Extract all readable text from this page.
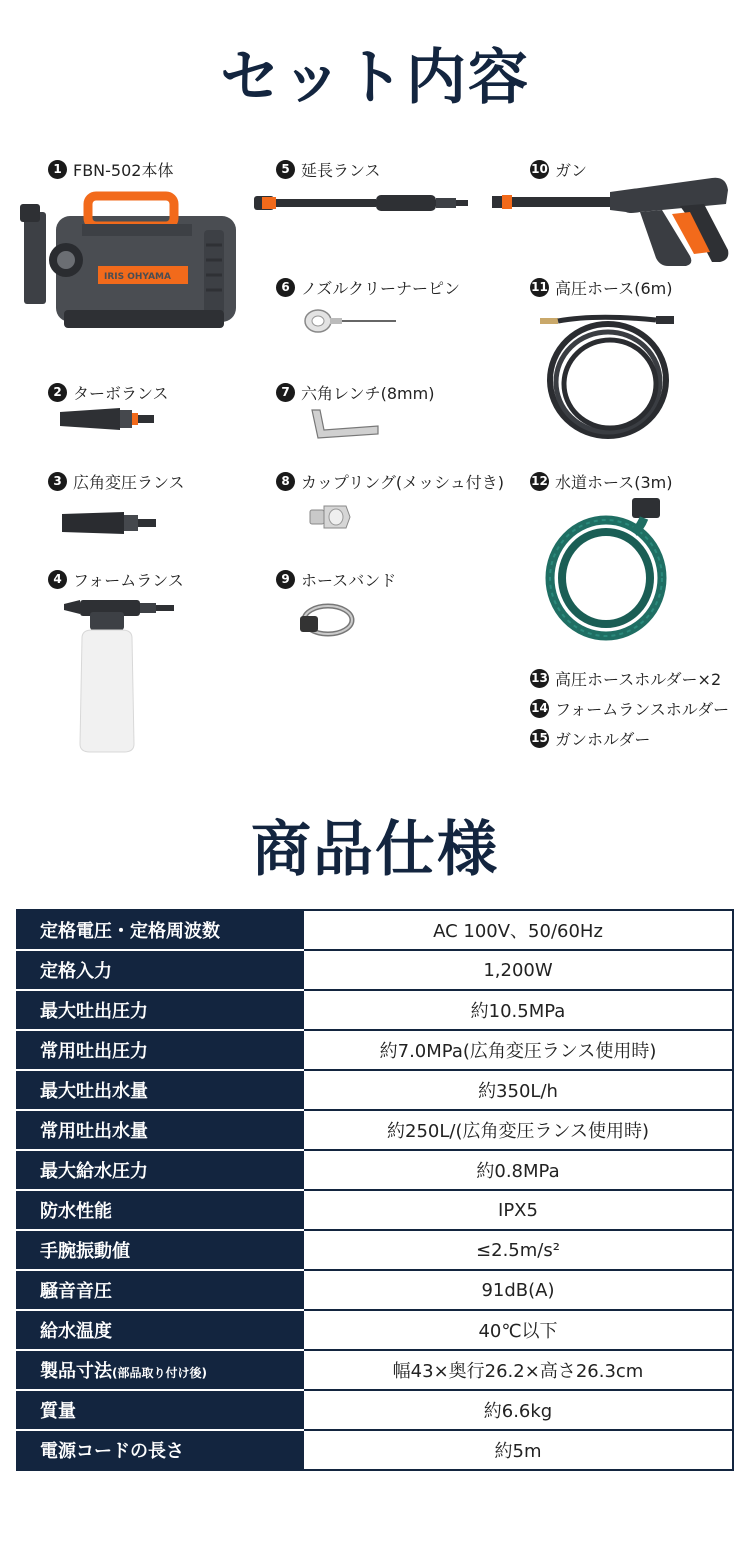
セット内容
1 FBN-502本体
IRIS OHYAMA
2 ターボランス
3 広角変圧ランス
4 フォームランス
5 延長ランス
6 ノズルクリーナーピン
7 六角レンチ(8mm)
8 カップリング(メッシュ付き)
9 ホースバンド
10 ガン
11 高圧ホース(6m)
12 水道ホース(3m)
13 高圧ホースホルダー×2
14 フォームランスホルダー
15 ガンホルダー
商品仕様
定格電圧・定格周波数	AC 100V、50/60Hz
定格入力	1,200W
最大吐出圧力	約10.5MPa
常用吐出圧力	約7.0MPa(広角変圧ランス使用時)
最大吐出水量	約350L/h
常用吐出水量	約250L/(広角変圧ランス使用時)
最大給水圧力	約0.8MPa
防水性能	IPX5
手腕振動値	≤2.5m/s²
騒音音圧	91dB(A)
給水温度	40℃以下
製品寸法(部品取り付け後)	幅43×奥行26.2×高さ26.3cm
質量	約6.6kg
電源コードの長さ	約5m
